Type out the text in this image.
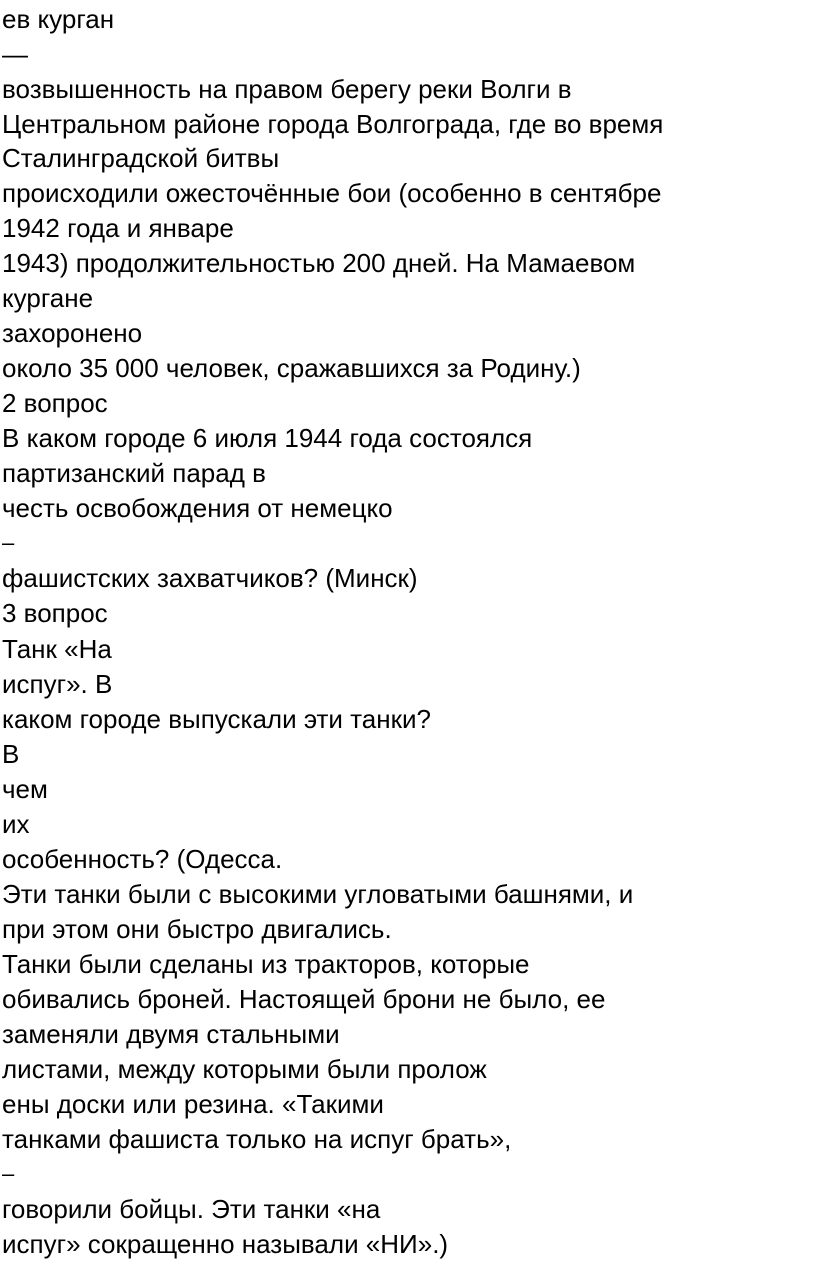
ев курган
—
возвышенность на правом берегу реки Волги в
Центральном районе города Волгограда, где во время
Сталинградской битвы
происходили ожесточённые бои (особенно в сентябре
1942 года и январе
1943) продолжительностью 200 дней. На Мамаевом
кургане
захоронено
около 35 000 человек, сражавшихся за Родину.)
2 вопрос
В каком городе 6 июля 1944 года состоялся
партизанский парад в
честь освобождения от немецко
–
фашистских захватчиков? (Минск)
3 вопрос
Танк «На
испуг». В
каком городе выпускали эти танки?
В
чем
их
особенность? (Одесса.
Эти танки были с высокими угловатыми башнями, и
при этом они быстро двигались.
Танки были сделаны из тракторов, которые
обивались броней. Настоящей брони не было, ее
заменяли двумя стальными
листами, между которыми были пролож
ены доски или резина. «Такими
танками фашиста только на испуг брать»,
–
говорили бойцы. Эти танки «на
испуг» сокращенно называли «НИ».)
